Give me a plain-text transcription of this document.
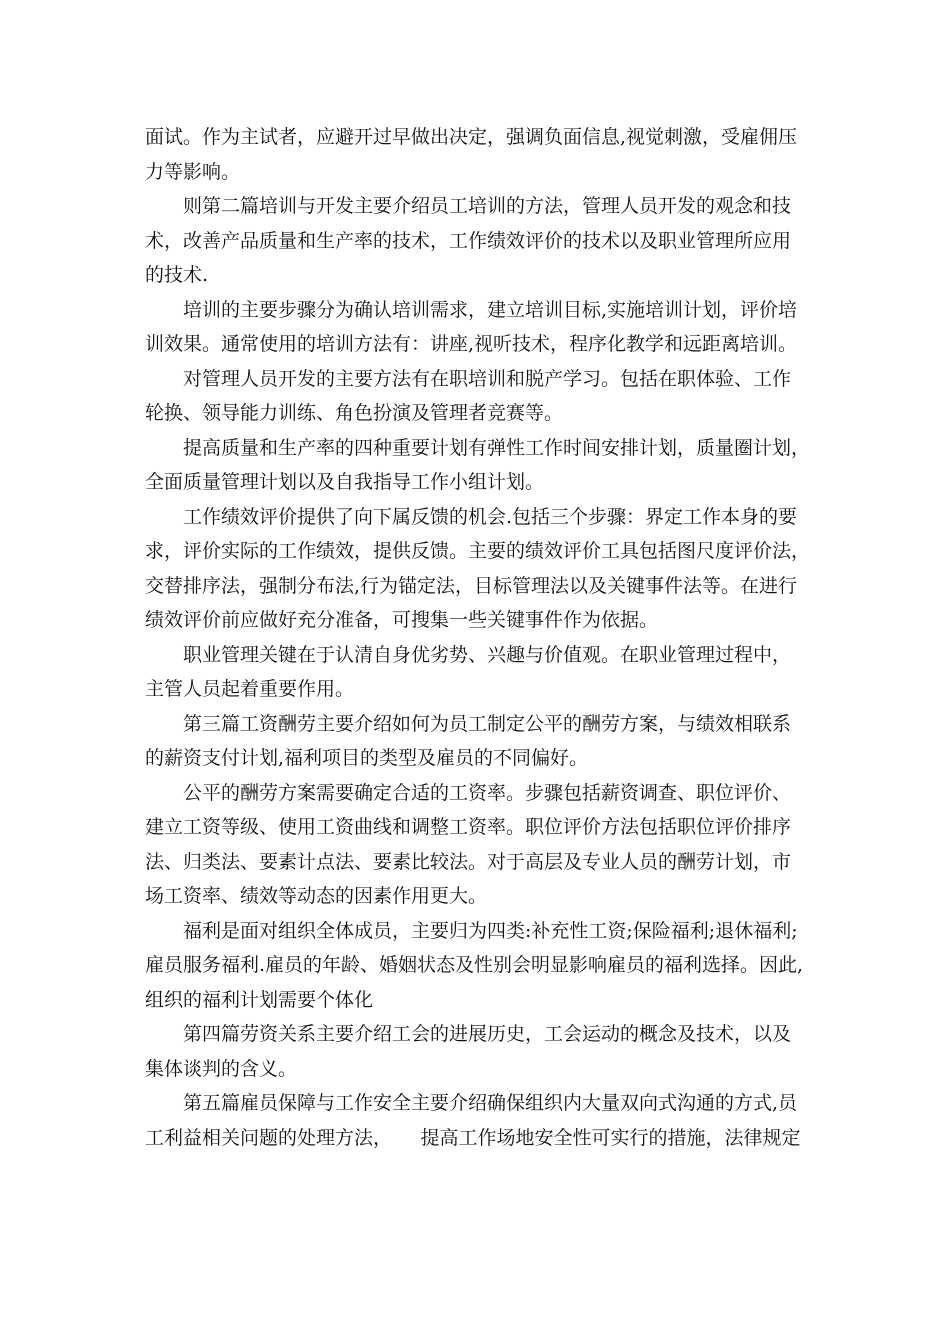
面试。作为主试者，应避开过早做出决定，强调负面信息,视觉刺激，受雇佣压
力等影响。
则第二篇培训与开发主要介绍员工培训的方法，管理人员开发的观念和技
术，改善产品质量和生产率的技术，工作绩效评价的技术以及职业管理所应用
的技术.
培训的主要步骤分为确认培训需求，建立培训目标,实施培训计划，评价培
训效果。通常使用的培训方法有：讲座,视听技术，程序化教学和远距离培训。
对管理人员开发的主要方法有在职培训和脱产学习。包括在职体验、工作
轮换、领导能力训练、角色扮演及管理者竞赛等。
提高质量和生产率的四种重要计划有弹性工作时间安排计划，质量圈计划，
全面质量管理计划以及自我指导工作小组计划。
工作绩效评价提供了向下属反馈的机会.包括三个步骤：界定工作本身的要
求，评价实际的工作绩效，提供反馈。主要的绩效评价工具包括图尺度评价法，
交替排序法，强制分布法,行为锚定法，目标管理法以及关键事件法等。在进行
绩效评价前应做好充分准备，可搜集一些关键事件作为依据。
职业管理关键在于认清自身优劣势、兴趣与价值观。在职业管理过程中，
主管人员起着重要作用。
第三篇工资酬劳主要介绍如何为员工制定公平的酬劳方案，与绩效相联系
的薪资支付计划,福利项目的类型及雇员的不同偏好。
公平的酬劳方案需要确定合适的工资率。步骤包括薪资调查、职位评价、
建立工资等级、使用工资曲线和调整工资率。职位评价方法包括职位评价排序
法、归类法、要素计点法、要素比较法。对于高层及专业人员的酬劳计划，市
场工资率、绩效等动态的因素作用更大。
福利是面对组织全体成员，主要归为四类:补充性工资;保险福利;退休福利;
雇员服务福利.雇员的年龄、婚姻状态及性别会明显影响雇员的福利选择。因此,
组织的福利计划需要个体化
第四篇劳资关系主要介绍工会的进展历史，工会运动的概念及技术，以及
集体谈判的含义。
第五篇雇员保障与工作安全主要介绍确保组织内大量双向式沟通的方式,员
工利益相关问题的处理方法，　　提高工作场地安全性可实行的措施，法律规定
